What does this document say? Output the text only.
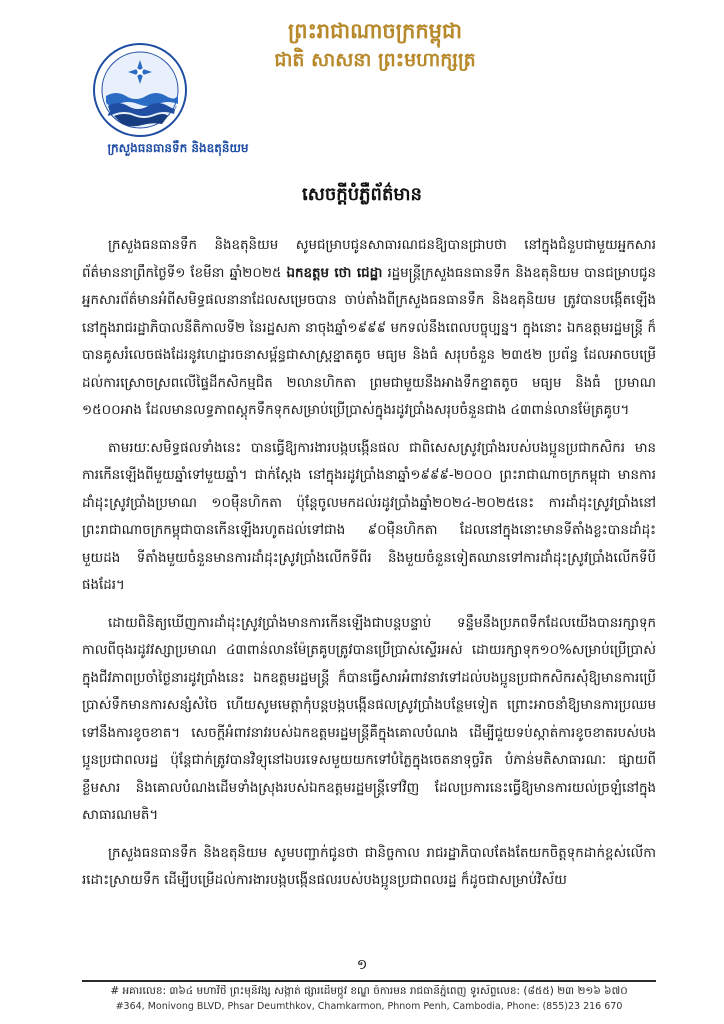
ព្រះរាជាណាចក្រកម្ពុជា
ជាតិ សាសនា ព្រះមហាក្សត្រ
ក្រសួងធនធានទឹក និងឧតុនិយម
សេចក្តីបំភ្លឺព័ត៌មាន

ក្រសួងធនធានទឹក និងឧតុនិយម សូមជម្រាបជូនសាធារណជនឱ្យបានជ្រាបថា នៅក្នុងជំនួបជាមួយអ្នកសារព័ត៌មាននាព្រឹកថ្ងៃទី១ ខែមីនា ឆ្នាំ២០២៥ ឯកឧត្តម ថោ ជេដ្ឋា រដ្ឋមន្ត្រីក្រសួងធនធានទឹក និងឧតុនិយម បានជម្រាបជូនអ្នកសារព័ត៌មានអំពីសមិទ្ធផលនានាដែលសម្រេចបាន ចាប់តាំងពីក្រសួងធនធានទឹក និងឧតុនិយម ត្រូវបានបង្កើតឡើងនៅក្នុងរាជរដ្ឋាភិបាលនីតិកាលទី២ នៃរដ្ឋសភា នាចុងឆ្នាំ១៩៩៩ មកទល់នឹងពេលបច្ចុប្បន្ន។ ក្នុងនោះ ឯកឧត្តមរដ្ឋមន្ត្រី ក៏បានគូសរំលេចផងដែរនូវហេដ្ឋារចនាសម្ព័ន្ធជាសាស្ត្រខ្នាតតូច មធ្យម និងធំ សរុបចំនួន ២៣៥២ ប្រព័ន្ធ ដែលអាចបម្រើដល់ការស្រោចស្រពលើផ្ទៃដីកសិកម្មជិត ២លានហិកតា ព្រមជាមួយនឹងអាងទឹកខ្នាតតូច មធ្យម និងធំ ប្រមាណ ១៥០០អាង ដែលមានលទ្ធភាពស្តុកទឹកទុកសម្រាប់ប្រើប្រាស់ក្នុងរដូវប្រាំងសរុបចំនួនជាង ៤៣ពាន់លានម៉ែត្រគូប។

តាមរយៈសមិទ្ធផលទាំងនេះ បានធ្វើឱ្យការងារបង្កបង្កើនផល ជាពិសេសស្រូវប្រាំងរបស់បងប្អូនប្រជាកសិករ មានការកើនឡើងពីមួយឆ្នាំទៅមួយឆ្នាំ។ ជាក់ស្តែង នៅក្នុងរដូវប្រាំងនាឆ្នាំ១៩៩៩-២០០០ ព្រះរាជាណាចក្រកម្ពុជា មានការដាំដុះស្រូវប្រាំងប្រមាណ ១០ម៉ឺនហិកតា ប៉ុន្តែចូលមកដល់រដូវប្រាំងឆ្នាំ២០២៤-២០២៥នេះ ការដាំដុះស្រូវប្រាំងនៅព្រះរាជាណាចក្រកម្ពុជាបានកើនឡើងរហូតដល់ទៅជាង ៩០ម៉ឺនហិកតា ដែលនៅក្នុងនោះមានទីតាំងខ្លះបានដាំដុះមួយដង ទីតាំងមួយចំនួនមានការដាំដុះស្រូវប្រាំងលើកទីពីរ និងមួយចំនួនទៀតឈានទៅការដាំដុះស្រូវប្រាំងលើកទីបីផងដែរ។

ដោយពិនិត្យឃើញការដាំដុះស្រូវប្រាំងមានការកើនឡើងជាបន្តបន្ទាប់ ទន្ទឹមនឹងប្រភពទឹកដែលយើងបានរក្សាទុកកាលពីចុងរដូវវស្សាប្រមាណ ៤៣ពាន់លានម៉ែត្រគូបត្រូវបានប្រើប្រាស់ស្ទើរអស់ ដោយរក្សាទុក១០%សម្រាប់ប្រើប្រាស់ក្នុងជីវភាពប្រចាំថ្ងៃនារដូវប្រាំងនេះ ឯកឧត្តមរដ្ឋមន្ត្រី ក៏បានធ្វើសារអំពាវនាវទៅដល់បងប្អូនប្រជាកសិករសុំឱ្យមានការប្រើប្រាស់ទឹកមានការសន្សំសំចៃ ហើយសូមមេត្តាកុំបន្តបង្កបង្កើនផលស្រូវប្រាំងបន្ថែមទៀត ព្រោះអាចនាំឱ្យមានការប្រឈមទៅនឹងការខូចខាត។ សេចក្តីអំពាវនាវរបស់ឯកឧត្តមរដ្ឋមន្ត្រីគឺក្នុងគោលបំណង ដើម្បីជួយទប់ស្កាត់ការខូចខាតរបស់បងប្អូនប្រជាពលរដ្ឋ ប៉ុន្តែជាក់ត្រូវបានវិទ្យុនៅឯបរទេសមួយយកទៅបំភ្លៃក្នុងចេតនាទុច្ចរិត បំភាន់មតិសាធារណៈ ផ្សាយពីខ្លឹមសារ និងគោលបំណងដើមទាំងស្រុងរបស់ឯកឧត្តមរដ្ឋមន្ត្រីទៅវិញ ដែលប្រការនេះធ្វើឱ្យមានការយល់ច្រឡំនៅក្នុងសាធារណមតិ។

ក្រសួងធនធានទឹក និងឧតុនិយម សូមបញ្ជាក់ជូនថា ជានិច្ចកាល រាជរដ្ឋាភិបាលតែងតែយកចិត្តទុកដាក់ខ្ពស់លើការដោះស្រាយទឹក ដើម្បីបម្រើដល់ការងារបង្កបង្កើនផលរបស់បងប្អូនប្រជាពលរដ្ឋ ក៏ដូចជាសម្រាប់វិស័យ

១
# អគារលេខ: ៣៦៤ មហាវិថី ព្រះមុនីវង្ស សង្កាត់ ផ្សារដើមថ្កូវ ខណ្ឌ ចំការមន រាជធានីភ្នំពេញ ទូរស័ព្ទលេខ: (៨៥៥) ២៣ ២១៦ ៦៧០
#364, Monivong BLVD, Phsar Deumthkov, Chamkarmon, Phnom Penh, Cambodia, Phone: (855)23 216 670
